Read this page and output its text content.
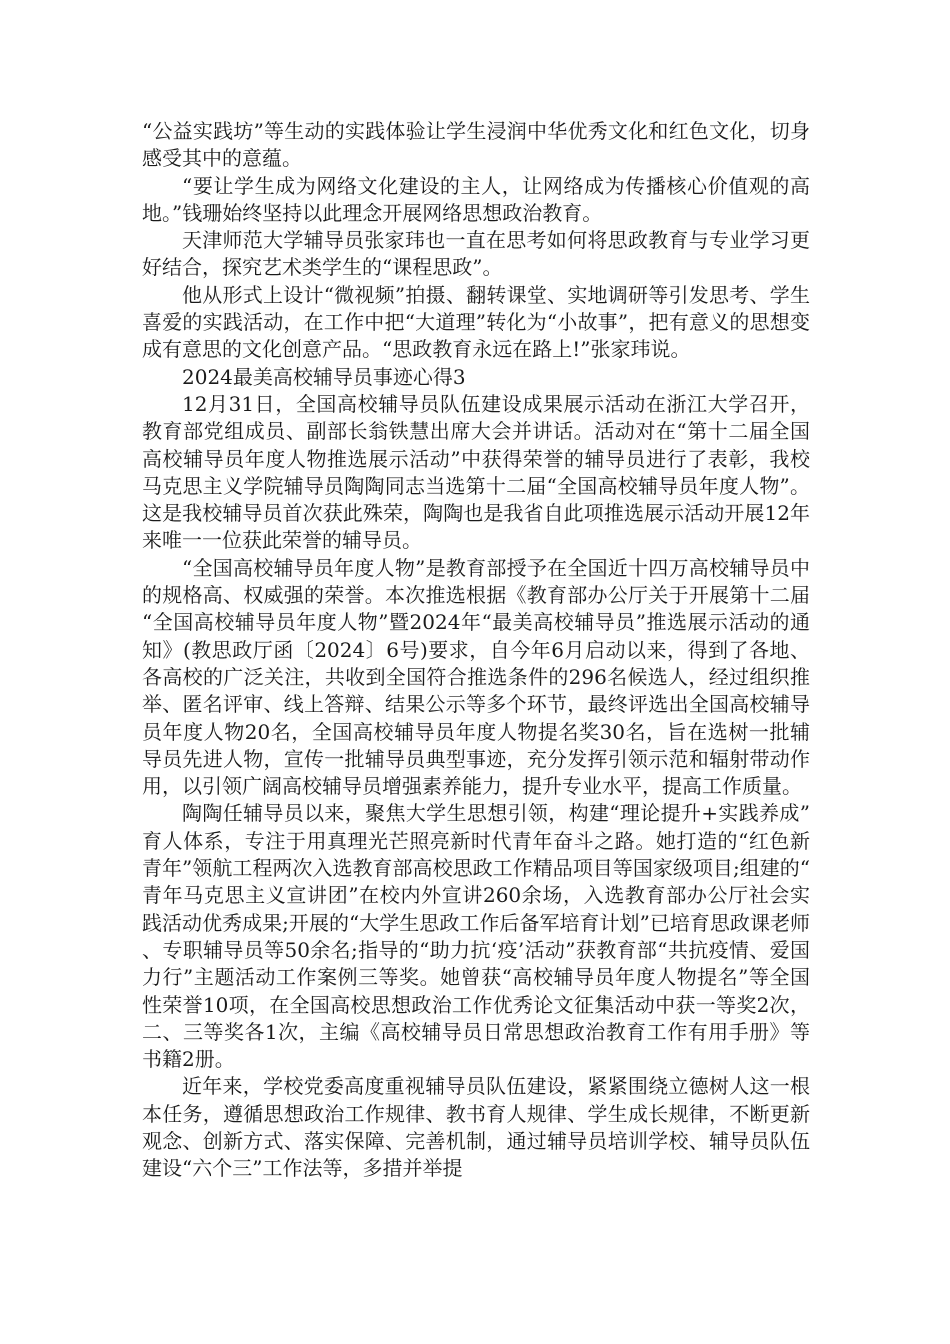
“公益实践坊”等生动的实践体验让学生浸润中华优秀文化和红色文化，切身感受其中的意蕴。

“要让学生成为网络文化建设的主人，让网络成为传播核心价值观的高地。”钱珊始终坚持以此理念开展网络思想政治教育。

天津师范大学辅导员张家玮也一直在思考如何将思政教育与专业学习更好结合，探究艺术类学生的“课程思政”。

他从形式上设计“微视频”拍摄、翻转课堂、实地调研等引发思考、学生喜爱的实践活动，在工作中把“大道理”转化为“小故事”，把有意义的思想变成有意思的文化创意产品。“思政教育永远在路上!”张家玮说。

2024最美高校辅导员事迹心得3

12月31日，全国高校辅导员队伍建设成果展示活动在浙江大学召开，教育部党组成员、副部长翁铁慧出席大会并讲话。活动对在“第十二届全国高校辅导员年度人物推选展示活动”中获得荣誉的辅导员进行了表彰，我校马克思主义学院辅导员陶陶同志当选第十二届“全国高校辅导员年度人物”。这是我校辅导员首次获此殊荣，陶陶也是我省自此项推选展示活动开展12年来唯一一位获此荣誉的辅导员。

“全国高校辅导员年度人物”是教育部授予在全国近十四万高校辅导员中的规格高、权威强的荣誉。本次推选根据《教育部办公厅关于开展第十二届“全国高校辅导员年度人物”暨2024年“最美高校辅导员”推选展示活动的通知》(教思政厅函〔2024〕6号)要求，自今年6月启动以来，得到了各地、各高校的广泛关注，共收到全国符合推选条件的296名候选人，经过组织推举、匿名评审、线上答辩、结果公示等多个环节，最终评选出全国高校辅导员年度人物20名，全国高校辅导员年度人物提名奖30名，旨在选树一批辅导员先进人物，宣传一批辅导员典型事迹，充分发挥引领示范和辐射带动作用，以引领广阔高校辅导员增强素养能力，提升专业水平，提高工作质量。

陶陶任辅导员以来，聚焦大学生思想引领，构建“理论提升+实践养成”育人体系，专注于用真理光芒照亮新时代青年奋斗之路。她打造的“红色新青年”领航工程两次入选教育部高校思政工作精品项目等国家级项目;组建的“青年马克思主义宣讲团”在校内外宣讲260余场，入选教育部办公厅社会实践活动优秀成果;开展的“大学生思政工作后备军培育计划”已培育思政课老师、专职辅导员等50余名;指导的“助力抗‘疫’活动”获教育部“共抗疫情、爱国力行”主题活动工作案例三等奖。她曾获“高校辅导员年度人物提名”等全国性荣誉10项，在全国高校思想政治工作优秀论文征集活动中获一等奖2次，二、三等奖各1次，主编《高校辅导员日常思想政治教育工作有用手册》等书籍2册。

近年来，学校党委高度重视辅导员队伍建设，紧紧围绕立德树人这一根本任务，遵循思想政治工作规律、教书育人规律、学生成长规律，不断更新观念、创新方式、落实保障、完善机制，通过辅导员培训学校、辅导员队伍建设“六个三”工作法等，多措并举提
